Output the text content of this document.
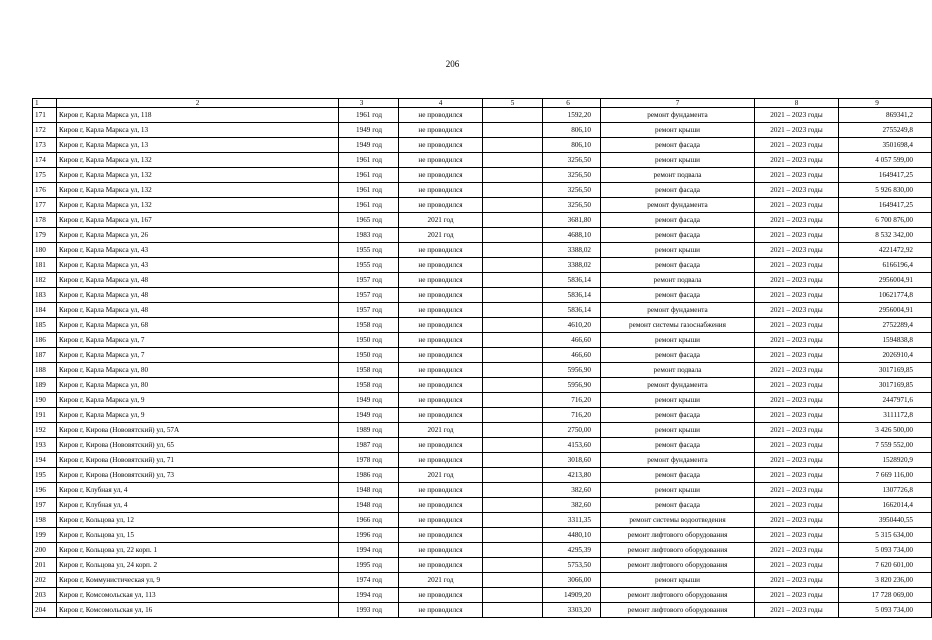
206
1	2	3	4	5	6	7	8	9
171	Киров г, Карла Маркса ул, 118	1961 год	не проводился		1592,20	ремонт фундамента	2021 – 2023 годы	869341,2
172	Киров г, Карла Маркса ул, 13	1949 год	не проводился		806,10	ремонт крыши	2021 – 2023 годы	2755249,8
173	Киров г, Карла Маркса ул, 13	1949 год	не проводился		806,10	ремонт фасада	2021 – 2023 годы	3501698,4
174	Киров г, Карла Маркса ул, 132	1961 год	не проводился		3256,50	ремонт крыши	2021 – 2023 годы	4 057 599,00
175	Киров г, Карла Маркса ул, 132	1961 год	не проводился		3256,50	ремонт подвала	2021 – 2023 годы	1649417,25
176	Киров г, Карла Маркса ул, 132	1961 год	не проводился		3256,50	ремонт фасада	2021 – 2023 годы	5 926 830,00
177	Киров г, Карла Маркса ул, 132	1961 год	не проводился		3256,50	ремонт фундамента	2021 – 2023 годы	1649417,25
178	Киров г, Карла Маркса ул, 167	1965 год	2021 год		3681,80	ремонт фасада	2021 – 2023 годы	6 700 876,00
179	Киров г, Карла Маркса ул, 26	1983 год	2021 год		4688,10	ремонт фасада	2021 – 2023 годы	8 532 342,00
180	Киров г, Карла Маркса ул, 43	1955 год	не проводился		3388,02	ремонт крыши	2021 – 2023 годы	4221472,92
181	Киров г, Карла Маркса ул, 43	1955 год	не проводился		3388,02	ремонт фасада	2021 – 2023 годы	6166196,4
182	Киров г, Карла Маркса ул, 48	1957 год	не проводился		5836,14	ремонт подвала	2021 – 2023 годы	2956004,91
183	Киров г, Карла Маркса ул, 48	1957 год	не проводился		5836,14	ремонт фасада	2021 – 2023 годы	10621774,8
184	Киров г, Карла Маркса ул, 48	1957 год	не проводился		5836,14	ремонт фундамента	2021 – 2023 годы	2956004,91
185	Киров г, Карла Маркса ул, 68	1958 год	не проводился		4610,20	ремонт системы газоснабжения	2021 – 2023 годы	2752289,4
186	Киров г, Карла Маркса ул, 7	1950 год	не проводился		466,60	ремонт крыши	2021 – 2023 годы	1594838,8
187	Киров г, Карла Маркса ул, 7	1950 год	не проводился		466,60	ремонт фасада	2021 – 2023 годы	2026910,4
188	Киров г, Карла Маркса ул, 80	1958 год	не проводился		5956,90	ремонт подвала	2021 – 2023 годы	3017169,85
189	Киров г, Карла Маркса ул, 80	1958 год	не проводился		5956,90	ремонт фундамента	2021 – 2023 годы	3017169,85
190	Киров г, Карла Маркса ул, 9	1949 год	не проводился		716,20	ремонт крыши	2021 – 2023 годы	2447971,6
191	Киров г, Карла Маркса ул, 9	1949 год	не проводился		716,20	ремонт фасада	2021 – 2023 годы	3111172,8
192	Киров г, Кирова (Нововятский) ул, 57А	1989 год	2021 год		2750,00	ремонт крыши	2021 – 2023 годы	3 426 500,00
193	Киров г, Кирова (Нововятский) ул, 65	1987 год	не проводился		4153,60	ремонт фасада	2021 – 2023 годы	7 559 552,00
194	Киров г, Кирова (Нововятский) ул, 71	1978 год	не проводился		3018,60	ремонт фундамента	2021 – 2023 годы	1528920,9
195	Киров г, Кирова (Нововятский) ул, 73	1986 год	2021 год		4213,80	ремонт фасада	2021 – 2023 годы	7 669 116,00
196	Киров г, Клубная ул, 4	1948 год	не проводился		382,60	ремонт крыши	2021 – 2023 годы	1307726,8
197	Киров г, Клубная ул, 4	1948 год	не проводился		382,60	ремонт фасада	2021 – 2023 годы	1662014,4
198	Киров г, Кольцова ул, 12	1966 год	не проводился		3311,35	ремонт системы водоотведения	2021 – 2023 годы	3950440,55
199	Киров г, Кольцова ул, 15	1996 год	не проводился		4480,10	ремонт лифтового оборудования	2021 – 2023 годы	5 315 634,00
200	Киров г, Кольцова ул, 22 корп. 1	1994 год	не проводился		4295,39	ремонт лифтового оборудования	2021 – 2023 годы	5 093 734,00
201	Киров г, Кольцова ул, 24 корп. 2	1995 год	не проводился		5753,50	ремонт лифтового оборудования	2021 – 2023 годы	7 620 601,00
202	Киров г, Коммунистическая ул, 9	1974 год	2021 год		3066,00	ремонт крыши	2021 – 2023 годы	3 820 236,00
203	Киров г, Комсомольская ул, 113	1994 год	не проводился		14909,20	ремонт лифтового оборудования	2021 – 2023 годы	17 728 069,00
204	Киров г, Комсомольская ул, 16	1993 год	не проводился		3303,20	ремонт лифтового оборудования	2021 – 2023 годы	5 093 734,00
